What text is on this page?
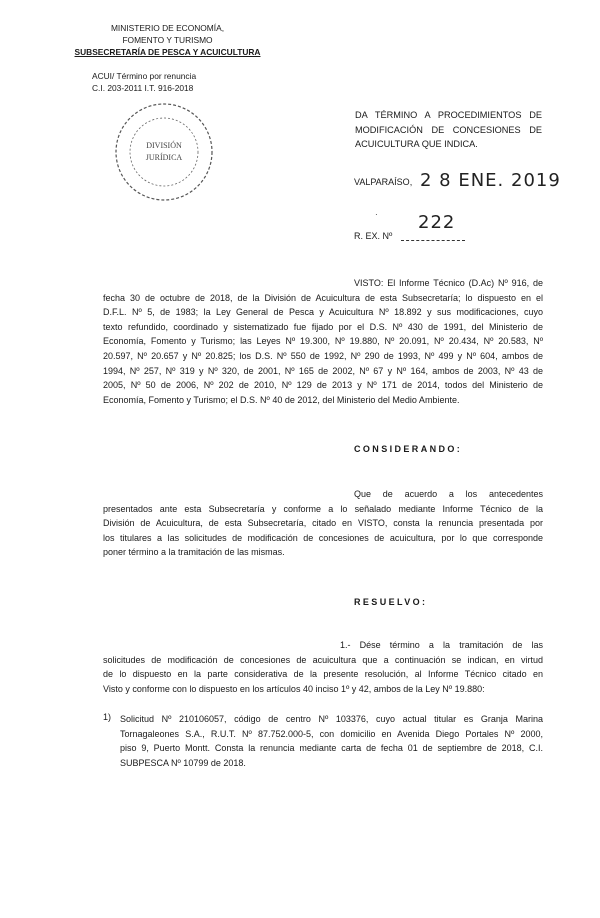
MINISTERIO DE ECONOMÍA,
FOMENTO Y TURISMO
SUBSECRETARÍA DE PESCA Y ACUICULTURA
ACUI/ Término por renuncia
C.I. 203-2011 I.T. 916-2018
DIVISIÓN
JURÍDICA
DA TÉRMINO A PROCEDIMIENTOS DE
MODIFICACIÓN DE CONCESIONES DE
ACUICULTURA QUE INDICA.
VALPARAÍSO, 2 8 ENE. 2019
· 222
R. EX. Nº
VISTO: El Informe Técnico (D.Ac) Nº 916, de
fecha 30 de octubre de 2018, de la División de Acuicultura de esta Subsecretaría; lo dispuesto en el
D.F.L. Nº 5, de 1983; la Ley General de Pesca y Acuicultura Nº 18.892 y sus modificaciones, cuyo
texto refundido, coordinado y sistematizado fue fijado por el D.S. Nº 430 de 1991, del Ministerio de
Economía, Fomento y Turismo; las Leyes Nº 19.300, Nº 19.880, Nº 20.091, Nº 20.434, Nº 20.583, Nº
20.597, Nº 20.657 y Nº 20.825; los D.S. Nº 550 de 1992, Nº 290 de 1993, Nº 499 y Nº 604, ambos de
1994, Nº 257, Nº 319 y Nº 320, de 2001, Nº 165 de 2002, Nº 67 y Nº 164, ambos de 2003, Nº 43 de
2005, Nº 50 de 2006, Nº 202 de 2010, Nº 129 de 2013 y Nº 171 de 2014, todos del Ministerio de
Economía, Fomento y Turismo; el D.S. Nº 40 de 2012, del Ministerio del Medio Ambiente.
CONSIDERANDO:
Que de acuerdo a los antecedentes
presentados ante esta Subsecretaría y conforme a lo señalado mediante Informe Técnico de la
División de Acuicultura, de esta Subsecretaría, citado en VISTO, consta la renuncia presentada por
los titulares a las solicitudes de modificación de concesiones de acuicultura, por lo que corresponde
poner término a la tramitación de las mismas.
RESUELVO:
1.- Dése término a la tramitación de las
solicitudes de modificación de concesiones de acuicultura que a continuación se indican, en virtud
de lo dispuesto en la parte considerativa de la presente resolución, al Informe Técnico citado en
Visto y conforme con lo dispuesto en los artículos 40 inciso 1º y 42, ambos de la Ley Nº 19.880:
1) Solicitud Nº 210106057, código de centro Nº 103376, cuyo actual titular es Granja Marina
Tornagaleones S.A., R.U.T. Nº 87.752.000-5, con domicilio en Avenida Diego Portales Nº 2000,
piso 9, Puerto Montt. Consta la renuncia mediante carta de fecha 01 de septiembre de 2018, C.I.
SUBPESCA Nº 10799 de 2018.
